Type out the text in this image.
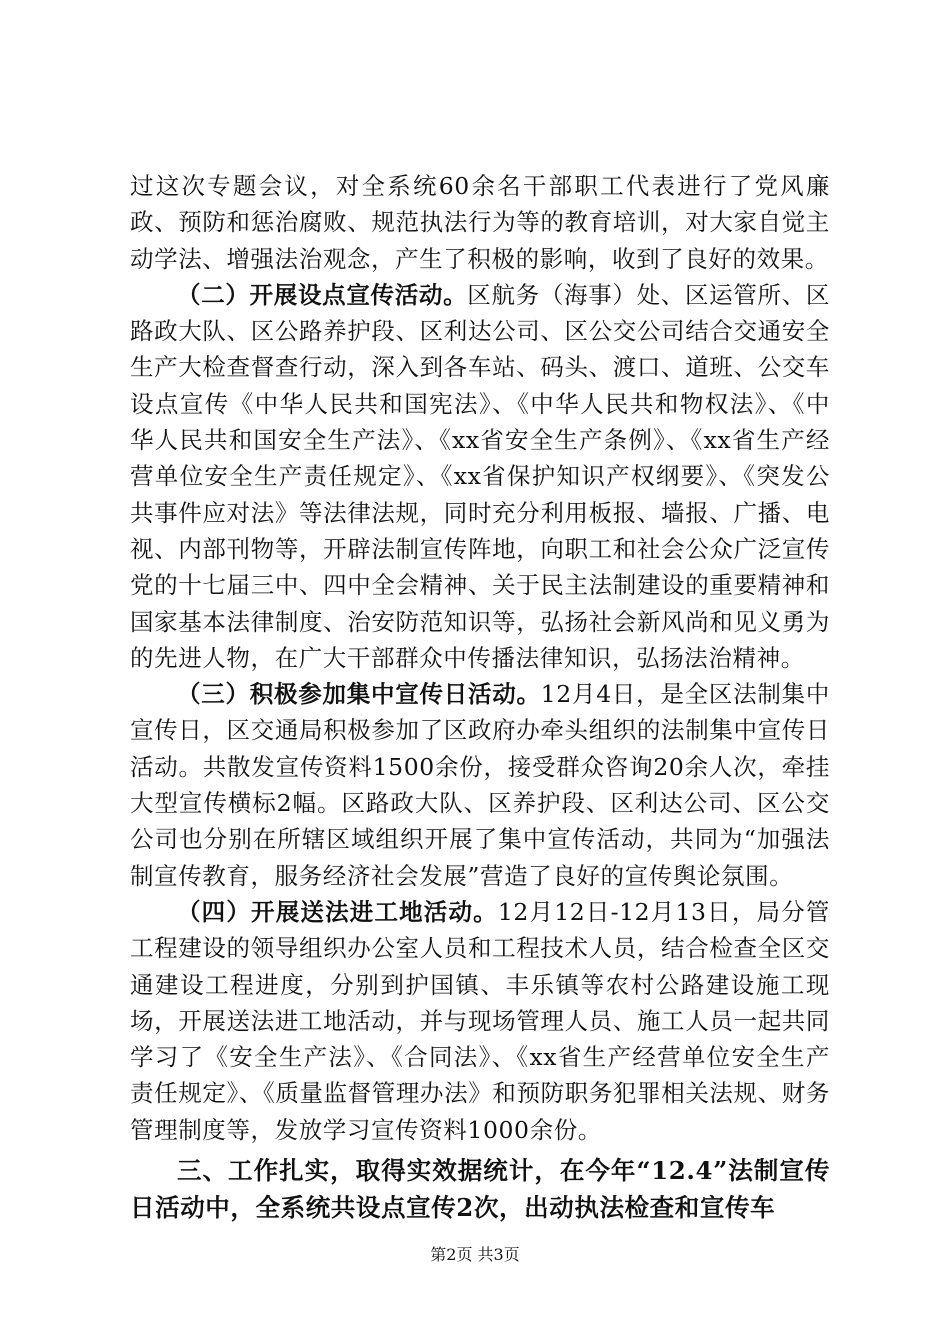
过这次专题会议，对全系统60余名干部职工代表进行了党风廉政、预防和惩治腐败、规范执法行为等的教育培训，对大家自觉主动学法、增强法治观念，产生了积极的影响，收到了良好的效果。

（二）开展设点宣传活动。区航务（海事）处、区运管所、区路政大队、区公路养护段、区利达公司、区公交公司结合交通安全生产大检查督查行动，深入到各车站、码头、渡口、道班、公交车设点宣传《中华人民共和国宪法》、《中华人民共和物权法》、《中华人民共和国安全生产法》、《xx省安全生产条例》、《xx省生产经营单位安全生产责任规定》、《xx省保护知识产权纲要》、《突发公共事件应对法》等法律法规，同时充分利用板报、墙报、广播、电视、内部刊物等，开辟法制宣传阵地，向职工和社会公众广泛宣传党的十七届三中、四中全会精神、关于民主法制建设的重要精神和国家基本法律制度、治安防范知识等，弘扬社会新风尚和见义勇为的先进人物，在广大干部群众中传播法律知识，弘扬法治精神。

（三）积极参加集中宣传日活动。12月4日，是全区法制集中宣传日，区交通局积极参加了区政府办牵头组织的法制集中宣传日活动。共散发宣传资料1500余份，接受群众咨询20余人次，牵挂大型宣传横标2幅。区路政大队、区养护段、区利达公司、区公交公司也分别在所辖区域组织开展了集中宣传活动，共同为“加强法制宣传教育，服务经济社会发展”营造了良好的宣传舆论氛围。

（四）开展送法进工地活动。12月12日-12月13日，局分管工程建设的领导组织办公室人员和工程技术人员，结合检查全区交通建设工程进度，分别到护国镇、丰乐镇等农村公路建设施工现场，开展送法进工地活动，并与现场管理人员、施工人员一起共同学习了《安全生产法》、《合同法》、《xx省生产经营单位安全生产责任规定》、《质量监督管理办法》和预防职务犯罪相关法规、财务管理制度等，发放学习宣传资料1000余份。

三、工作扎实，取得实效据统计，在今年“12.4”法制宣传日活动中，全系统共设点宣传2次，出动执法检查和宣传车

第2页 共3页
